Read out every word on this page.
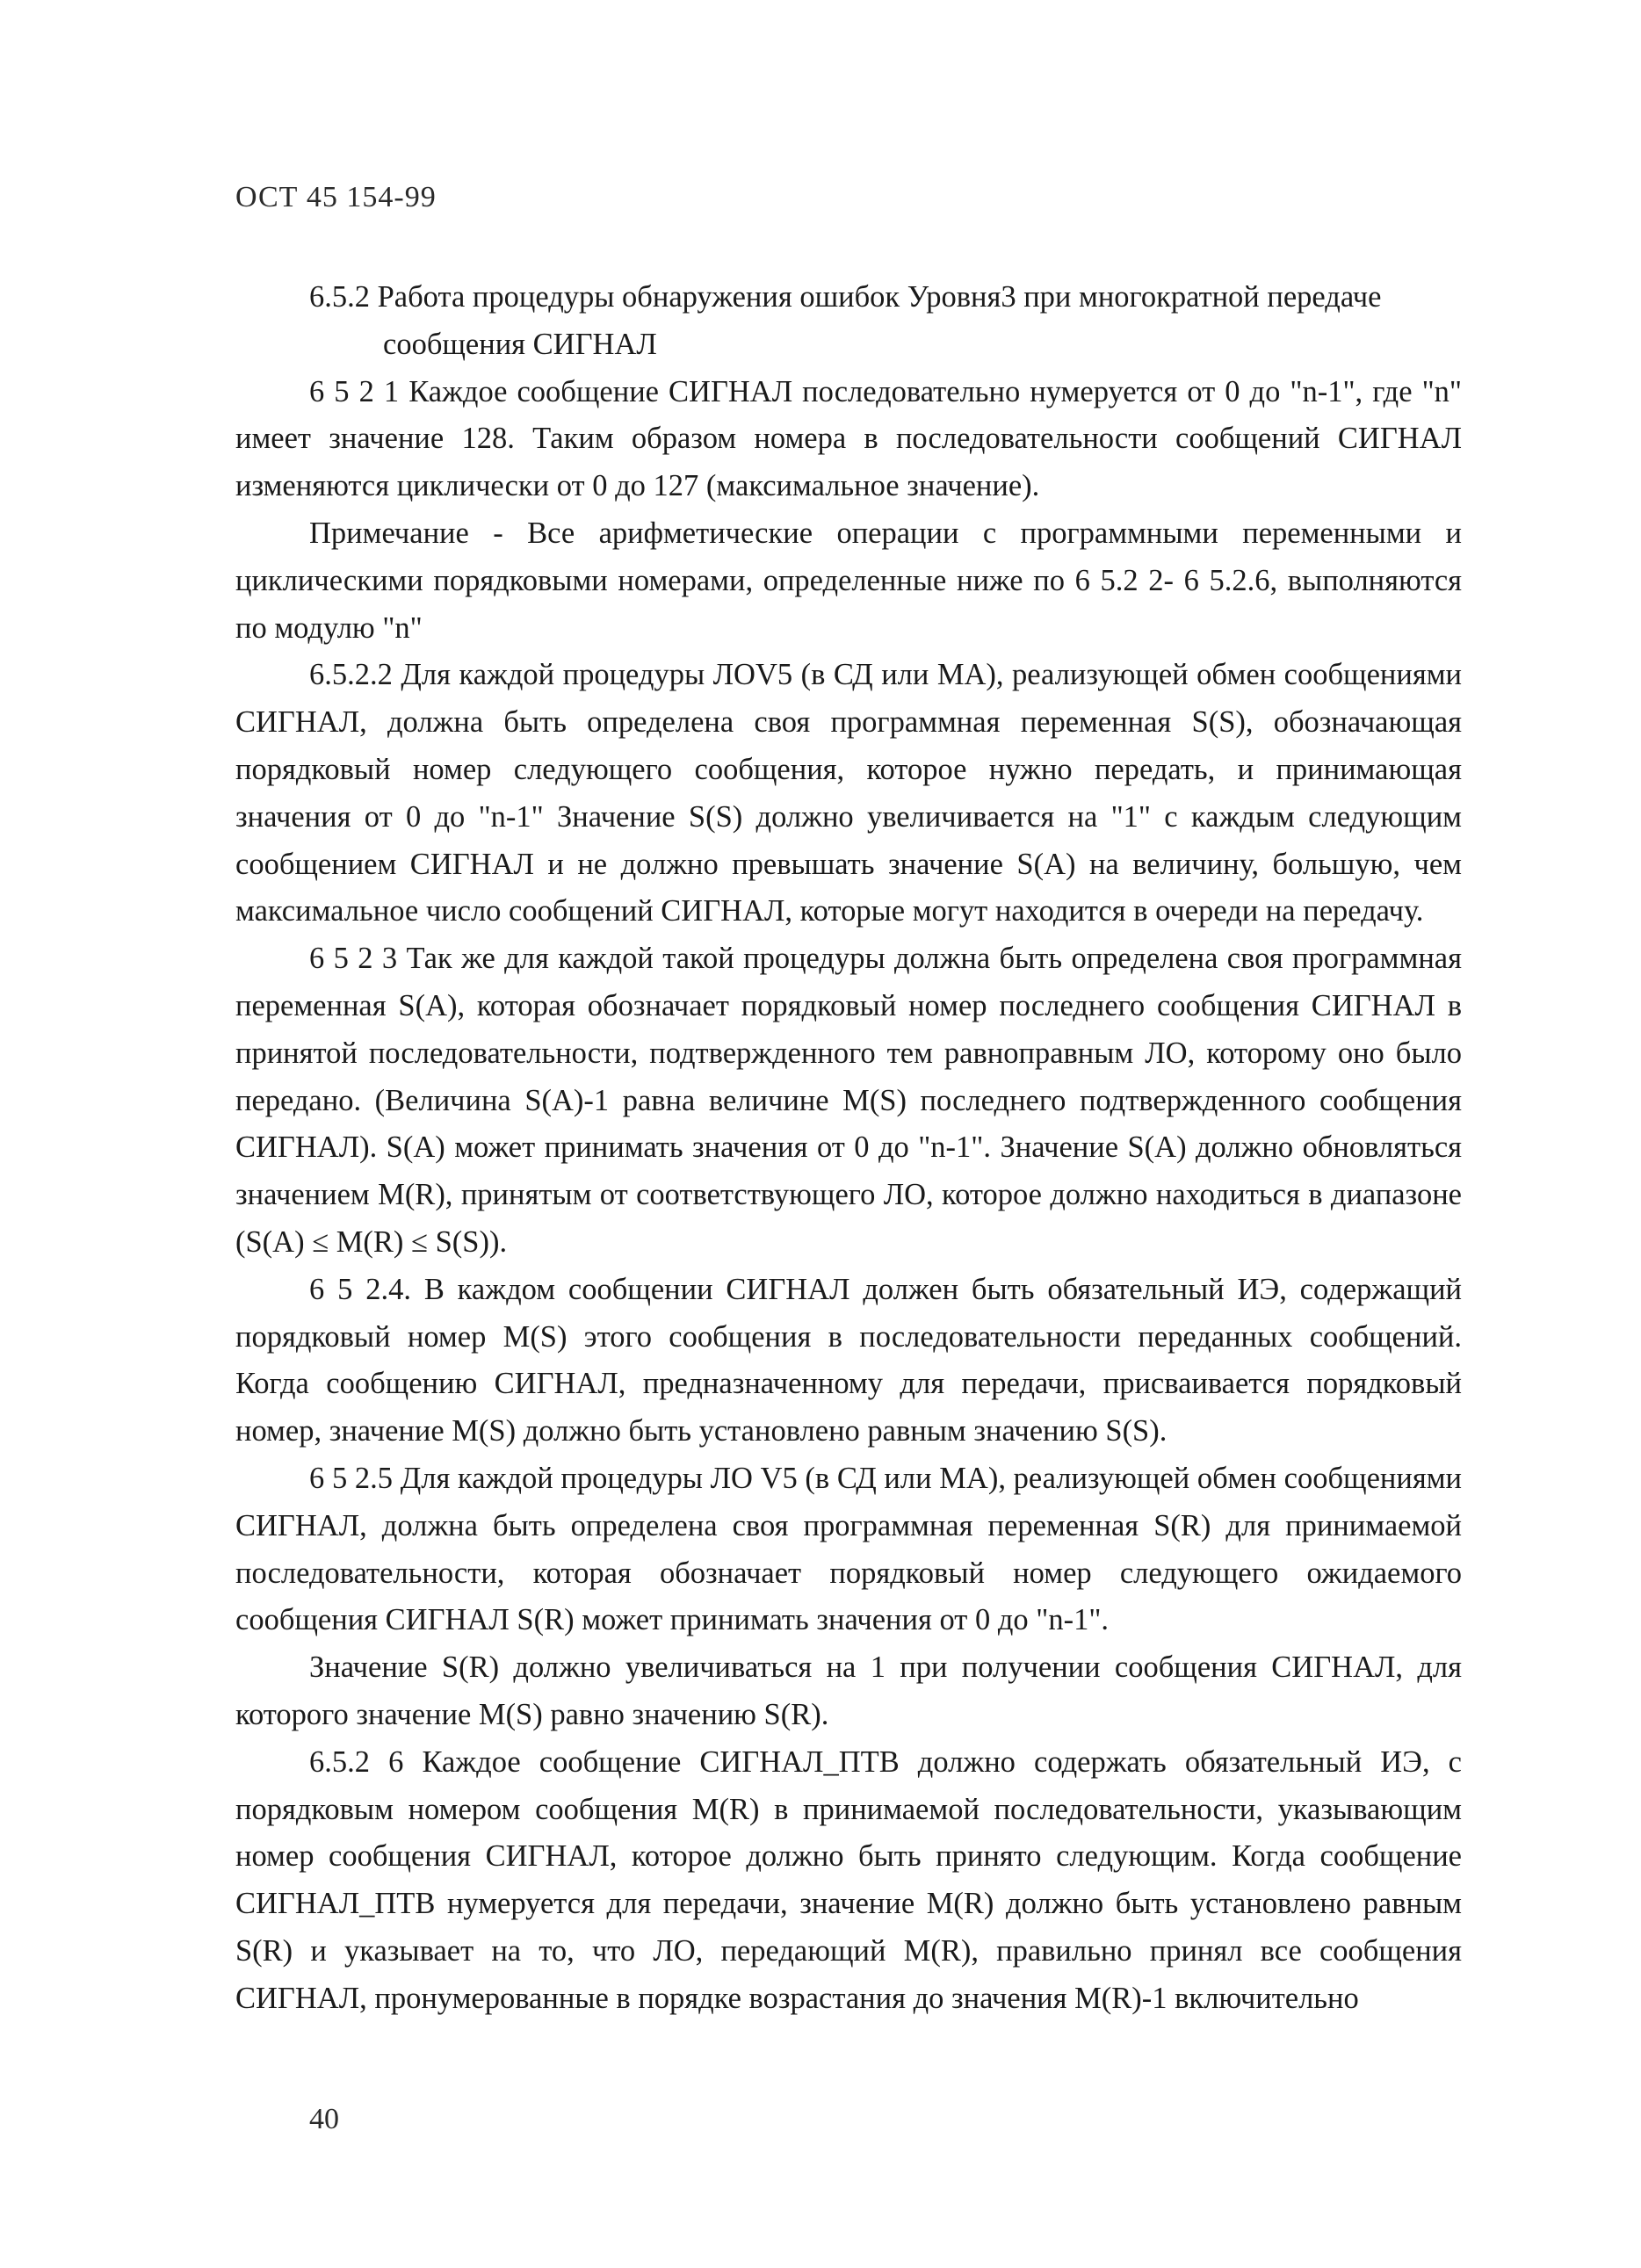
ОСТ 45 154-99

6.5.2 Работа процедуры обнаружения ошибок Уровня3 при многократной передаче
сообщения СИГНАЛ

6 5 2 1 Каждое сообщение СИГНАЛ последовательно нумеруется от 0 до "n-1", где "n" имеет значение 128. Таким образом номера в последовательности сообщений СИГНАЛ изменяются циклически от 0 до 127 (максимальное значение).

Примечание - Все арифметические операции с программными переменными и циклическими порядковыми номерами, определенные ниже по 6 5.2 2- 6 5.2.6, выполняются по модулю "n"

6.5.2.2 Для каждой процедуры ЛОV5 (в СД или МА), реализующей обмен сообщениями СИГНАЛ, должна быть определена своя программная переменная S(S), обозначающая порядковый номер следующего сообщения, которое нужно передать, и принимающая значения от 0 до "n-1" Значение S(S) должно увеличивается на "1" с каждым следующим сообщением СИГНАЛ и не должно превышать значение S(A) на величину, большую, чем максимальное число сообщений СИГНАЛ, которые могут находится в очереди на передачу.

6 5 2 3 Так же для каждой такой процедуры должна быть определена своя программная переменная S(A), которая обозначает порядковый номер последнего сообщения СИГНАЛ в принятой последовательности, подтвержденного тем равноправным ЛО, которому оно было передано. (Величина S(A)-1 равна величине M(S) последнего подтвержденного сообщения СИГНАЛ). S(A) может принимать значения от 0 до "n-1". Значение S(A) должно обновляться значением M(R), принятым от соответствующего ЛО, которое должно находиться в диапазоне (S(A) ≤ M(R) ≤ S(S)).

6 5 2.4. В каждом сообщении СИГНАЛ должен быть обязательный ИЭ, содержащий порядковый номер M(S) этого сообщения в последовательности переданных сообщений. Когда сообщению СИГНАЛ, предназначенному для передачи, присваивается порядковый номер, значение M(S) должно быть установлено равным значению S(S).

6 5 2.5 Для каждой процедуры ЛО V5 (в СД или МА), реализующей обмен сообщениями СИГНАЛ, должна быть определена своя программная переменная S(R) для принимаемой последовательности, которая обозначает порядковый номер следующего ожидаемого сообщения СИГНАЛ S(R) может принимать значения от 0 до "n-1".

Значение S(R) должно увеличиваться на 1 при получении сообщения СИГНАЛ, для которого значение M(S) равно значению S(R).

6.5.2 6 Каждое сообщение СИГНАЛ_ПТВ должно содержать обязательный ИЭ, с порядковым номером сообщения M(R) в принимаемой последовательности, указывающим номер сообщения СИГНАЛ, которое должно быть принято следующим. Когда сообщение СИГНАЛ_ПТВ нумеруется для передачи, значение M(R) должно быть установлено равным S(R) и указывает на то, что ЛО, передающий M(R), правильно принял все сообщения СИГНАЛ, пронумерованные в порядке возрастания до значения M(R)-1 включительно

40
